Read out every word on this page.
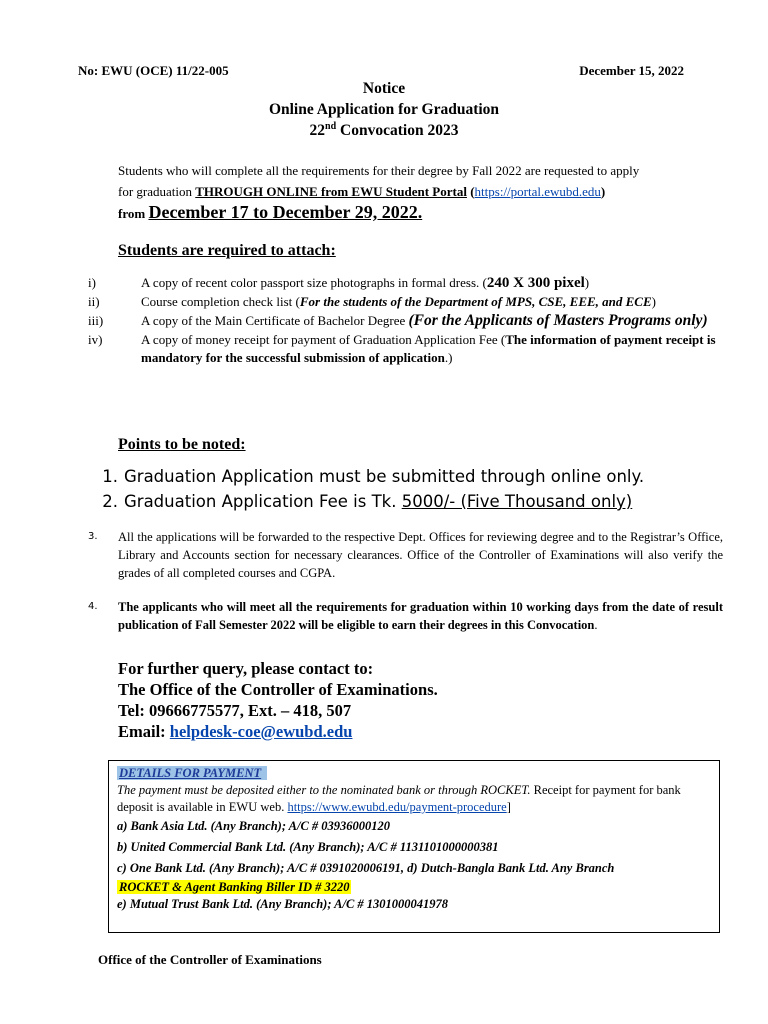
No: EWU (OCE) 11/22-005	December 15, 2022
Notice
Online Application for Graduation
22nd Convocation 2023
Students who will complete all the requirements for their degree by Fall 2022 are requested to apply
for graduation THROUGH ONLINE from EWU Student Portal (https://portal.ewubd.edu)
from December 17 to December 29, 2022.
Students are required to attach:
i)	A copy of recent color passport size photographs in formal dress. (240 X 300 pixel)
ii)	Course completion check list (For the students of the Department of MPS, CSE, EEE, and ECE)
iii)	A copy of the Main Certificate of Bachelor Degree (For the Applicants of Masters Programs only)
iv)	A copy of money receipt for payment of Graduation Application Fee (The information of payment receipt is mandatory for the successful submission of application.)
Points to be noted:
1. Graduation Application must be submitted through online only.
2. Graduation Application Fee is Tk. 5000/- (Five Thousand only)
3. All the applications will be forwarded to the respective Dept. Offices for reviewing degree and to the Registrar’s Office, Library and Accounts section for necessary clearances. Office of the Controller of Examinations will also verify the grades of all completed courses and CGPA.
4. The applicants who will meet all the requirements for graduation within 10 working days from the date of result publication of Fall Semester 2022 will be eligible to earn their degrees in this Convocation.
For further query, please contact to:
The Office of the Controller of Examinations.
Tel: 09666775577, Ext. – 418, 507
Email: helpdesk-coe@ewubd.edu
DETAILS FOR PAYMENT
The payment must be deposited either to the nominated bank or through ROCKET. Receipt for payment for bank deposit is available in EWU web. https://www.ewubd.edu/payment-procedure]
a) Bank Asia Ltd. (Any Branch); A/C # 03936000120
b) United Commercial Bank Ltd. (Any Branch); A/C # 1131101000000381
c) One Bank Ltd. (Any Branch); A/C # 0391020006191, d) Dutch-Bangla Bank Ltd. Any Branch
ROCKET & Agent Banking Biller ID # 3220
e) Mutual Trust Bank Ltd. (Any Branch); A/C # 1301000041978
Office of the Controller of Examinations
